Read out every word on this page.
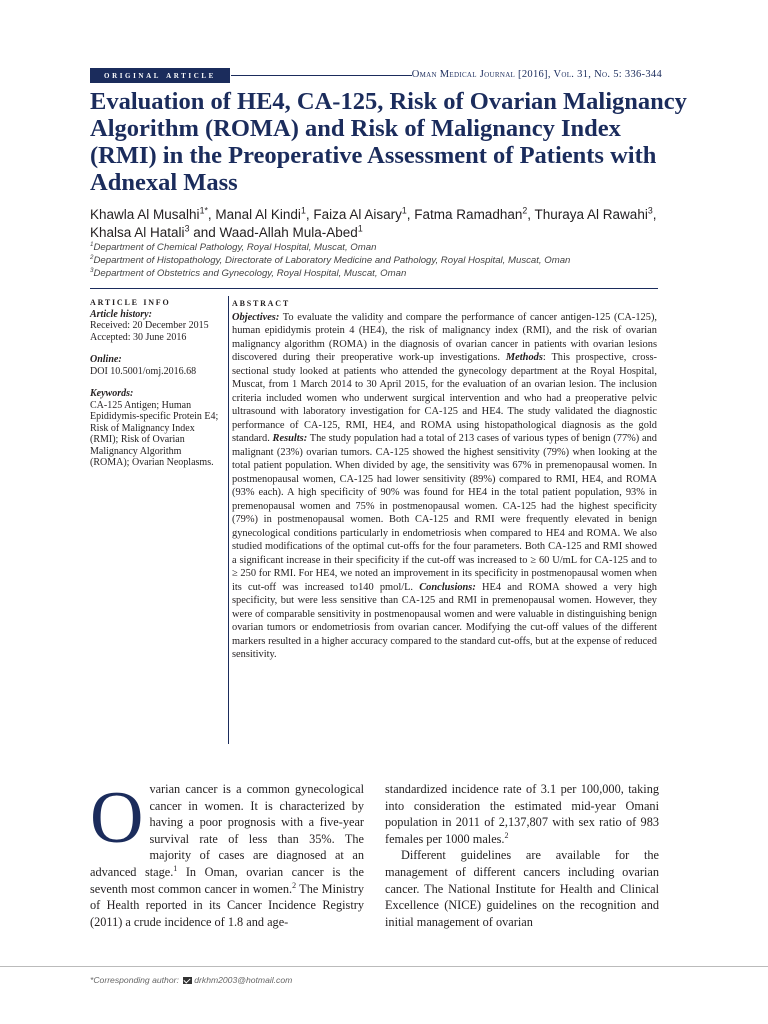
original article	Oman Medical Journal [2016], Vol. 31, No. 5: 336-344
Evaluation of HE4, CA-125, Risk of Ovarian Malignancy Algorithm (ROMA) and Risk of Malignancy Index (RMI) in the Preoperative Assessment of Patients with Adnexal Mass
Khawla Al Musalhi$^{1*}$, Manal Al Kindi$^1$, Faiza Al Aisary$^1$, Fatma Ramadhan$^2$, Thuraya Al Rawahi$^3$, Khalsa Al Hatali$^3$ and Waad-Allah Mula-Abed$^1$
$^1$Department of Chemical Pathology, Royal Hospital, Muscat, Oman
$^2$Department of Histopathology, Directorate of Laboratory Medicine and Pathology, Royal Hospital, Muscat, Oman
$^3$Department of Obstetrics and Gynecology, Royal Hospital, Muscat, Oman
article info
Article history:
Received: 20 December 2015
Accepted: 30 June 2016
Online:
DOI 10.5001/omj.2016.68
Keywords:
CA-125 Antigen; Human Epididymis-specific Protein E4; Risk of Malignancy Index (RMI); Risk of Ovarian Malignancy Algorithm (ROMA); Ovarian Neoplasms.
abstract
Objectives: To evaluate the validity and compare the performance of cancer antigen-125 (CA-125), human epididymis protein 4 (HE4), the risk of malignancy index (RMI), and the risk of ovarian malignancy algorithm (ROMA) in the diagnosis of ovarian cancer in patients with ovarian lesions discovered during their preoperative work-up investigations. Methods: This prospective, cross-sectional study looked at patients who attended the gynecology department at the Royal Hospital, Muscat, from 1 March 2014 to 30 April 2015, for the evaluation of an ovarian lesion. The inclusion criteria included women who underwent surgical intervention and who had a preoperative pelvic ultrasound with laboratory investigation for CA-125 and HE4. The study validated the diagnostic performance of CA-125, RMI, HE4, and ROMA using histopathological diagnosis as the gold standard. Results: The study population had a total of 213 cases of various types of benign (77%) and malignant (23%) ovarian tumors. CA-125 showed the highest sensitivity (79%) when looking at the total patient population. When divided by age, the sensitivity was 67% in premenopausal women. In postmenopausal women, CA-125 had lower sensitivity (89%) compared to RMI, HE4, and ROMA (93% each). A high specificity of 90% was found for HE4 in the total patient population, 93% in premenopausal women and 75% in postmenopausal women. CA-125 had the highest specificity (79%) in postmenopausal women. Both CA-125 and RMI were frequently elevated in benign gynecological conditions particularly in endometriosis when compared to HE4 and ROMA. We also studied modifications of the optimal cut-offs for the four parameters. Both CA-125 and RMI showed a significant increase in their specificity if the cut-off was increased to ≥ 60 U/mL for CA-125 and to ≥ 250 for RMI. For HE4, we noted an improvement in its specificity in postmenopausal women when its cut-off was increased to140 pmol/L. Conclusions: HE4 and ROMA showed a very high specificity, but were less sensitive than CA-125 and RMI in premenopausal women. However, they were of comparable sensitivity in postmenopausal women and were valuable in distinguishing benign ovarian tumors or endometriosis from ovarian cancer. Modifying the cut-off values of the different markers resulted in a higher accuracy compared to the standard cut-offs, but at the expense of reduced sensitivity.
Ovarian cancer is a common gynecological cancer in women. It is characterized by having a poor prognosis with a five-year survival rate of less than 35%. The majority of cases are diagnosed at an advanced stage.$^1$ In Oman, ovarian cancer is the seventh most common cancer in women.$^2$ The Ministry of Health reported in its Cancer Incidence Registry (2011) a crude incidence of 1.8 and age-

standardized incidence rate of 3.1 per 100,000, taking into consideration the estimated mid-year Omani population in 2011 of 2,137,807 with sex ratio of 983 females per 1000 males.$^2$

Different guidelines are available for the management of different cancers including ovarian cancer. The National Institute for Health and Clinical Excellence (NICE) guidelines on the recognition and initial management of ovarian

*Corresponding author: drkhm2003@hotmail.com
